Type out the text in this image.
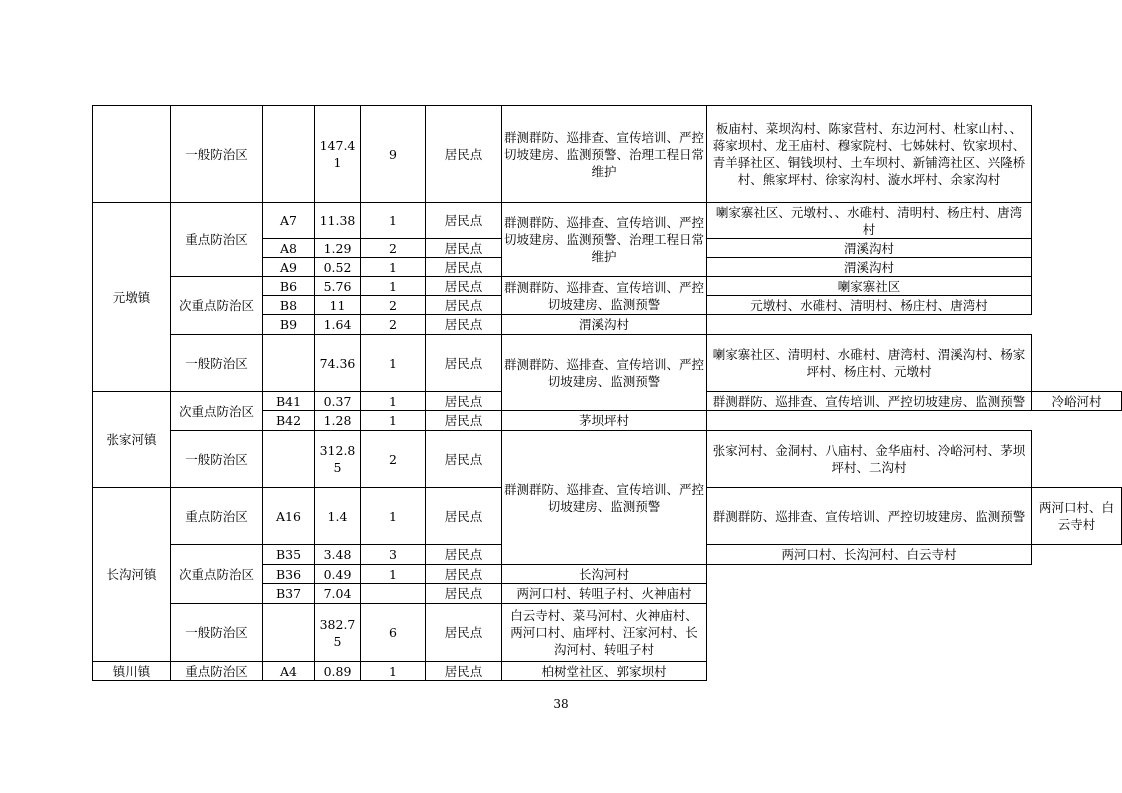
	一般防治区		147.41	9	居民点	群测群防、巡排查、宣传培训、严控切坡建房、监测预警、治理工程日常维护	板庙村、菜坝沟村、陈家营村、东边河村、杜家山村、、蒋家坝村、龙王庙村、穆家院村、七姊妹村、钦家坝村、青羊驿社区、铜钱坝村、土车坝村、新铺湾社区、兴隆桥村、熊家坪村、徐家沟村、漩水坪村、余家沟村	
元墩镇	重点防治区	A7	11.38	1	居民点	群测群防、巡排查、宣传培训、严控切坡建房、监测预警、治理工程日常维护	喇家寨社区、元墩村、、水碓村、清明村、杨庄村、唐湾村	
		A8	1.29	2	居民点		渭溪沟村	
		A9	0.52	1	居民点		渭溪沟村	
	次重点防治区	B6	5.76	1	居民点	群测群防、巡排查、宣传培训、严控切坡建房、监测预警	喇家寨社区	
		B8	11	2	居民点		元墩村、水碓村、清明村、杨庄村、唐湾村	
		B9	1.64	2	居民点	渭溪沟村		
	一般防治区		74.36	1	居民点	群测群防、巡排查、宣传培训、严控切坡建房、监测预警	喇家寨社区、清明村、水碓村、唐湾村、渭溪沟村、杨家坪村、杨庄村、元墩村	
张家河镇	次重点防治区	B41	0.37	1	居民点		群测群防、巡排查、宣传培训、严控切坡建房、监测预警	冷峪河村
		B42	1.28	1	居民点	茅坝坪村		
	一般防治区		312.85	2	居民点	群测群防、巡排查、宣传培训、严控切坡建房、监测预警	张家河村、金洞村、八庙村、金华庙村、冷峪河村、茅坝坪村、二沟村	
长沟河镇	重点防治区	A16	1.4	1	居民点		群测群防、巡排查、宣传培训、严控切坡建房、监测预警	两河口村、白云寺村
	次重点防治区	B35	3.48	3	居民点		两河口村、长沟河村、白云寺村	
		B36	0.49	1	居民点	长沟河村		
		B37	7.04		居民点	两河口村、转咀子村、火神庙村		
	一般防治区		382.75	6	居民点	白云寺村、菜马河村、火神庙村、两河口村、庙坪村、汪家河村、长沟河村、转咀子村		
镇川镇	重点防治区	A4	0.89	1	居民点	柏树堂社区、郭家坝村		
38
